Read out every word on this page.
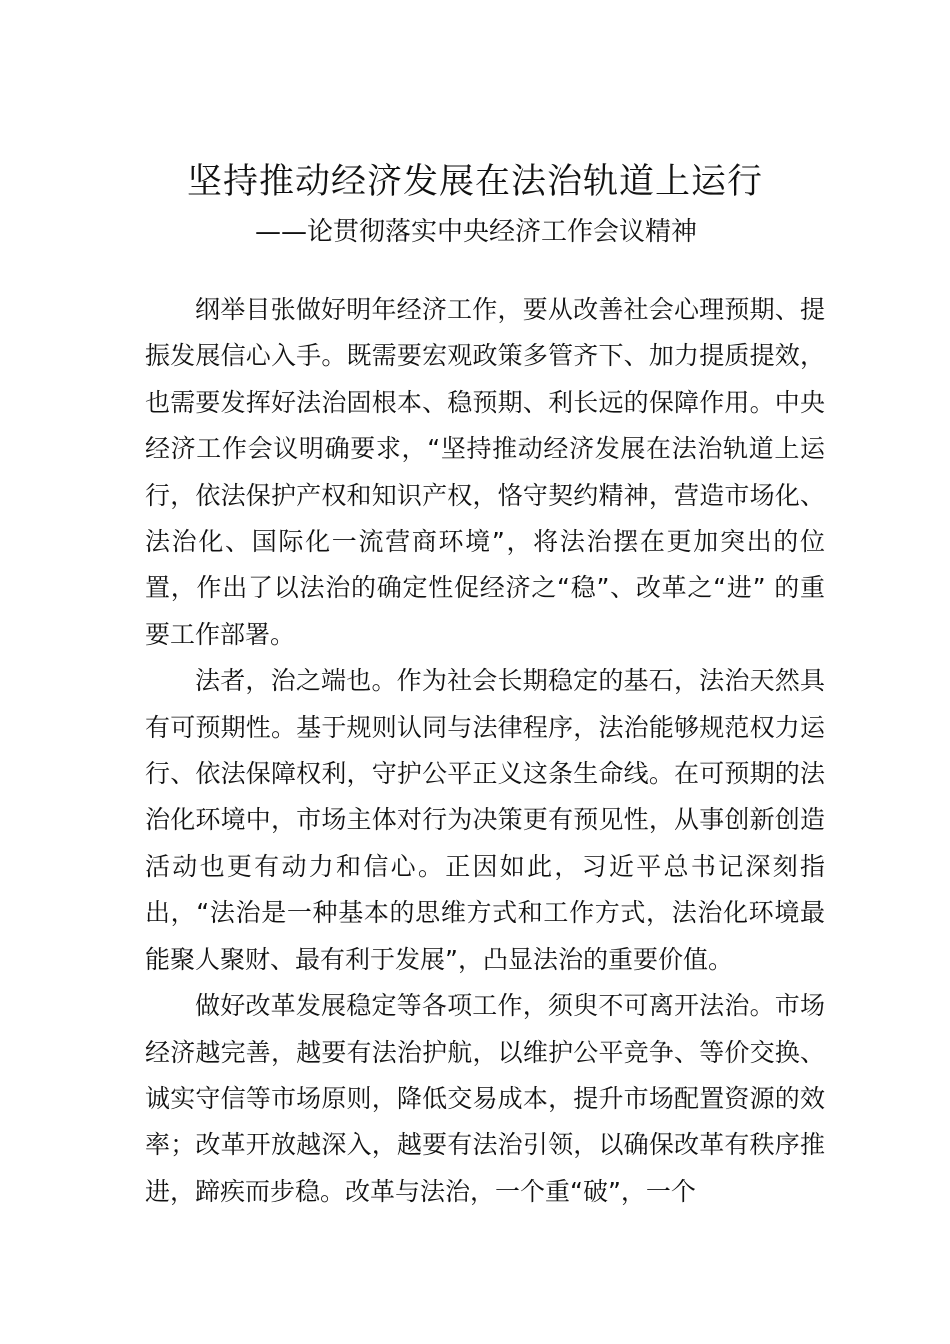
坚持推动经济发展在法治轨道上运行
——论贯彻落实中央经济工作会议精神

纲举目张做好明年经济工作，要从改善社会心理预期、提振发展信心入手。既需要宏观政策多管齐下、加力提质提效，也需要发挥好法治固根本、稳预期、利长远的保障作用。中央经济工作会议明确要求，“坚持推动经济发展在法治轨道上运行，依法保护产权和知识产权，恪守契约精神，营造市场化、法治化、国际化一流营商环境”，将法治摆在更加突出的位置，作出了以法治的确定性促经济之“稳”、改革之“进” 的重要工作部署。

法者，治之端也。作为社会长期稳定的基石，法治天然具有可预期性。基于规则认同与法律程序，法治能够规范权力运行、依法保障权利，守护公平正义这条生命线。在可预期的法治化环境中，市场主体对行为决策更有预见性，从事创新创造活动也更有动力和信心。正因如此，习近平总书记深刻指出，“法治是一种基本的思维方式和工作方式，法治化环境最能聚人聚财、最有利于发展”，凸显法治的重要价值。

做好改革发展稳定等各项工作，须臾不可离开法治。市场经济越完善，越要有法治护航，以维护公平竞争、等价交换、诚实守信等市场原则，降低交易成本，提升市场配置资源的效率；改革开放越深入，越要有法治引领，以确保改革有秩序推进，蹄疾而步稳。改革与法治，一个重“破”，一个
